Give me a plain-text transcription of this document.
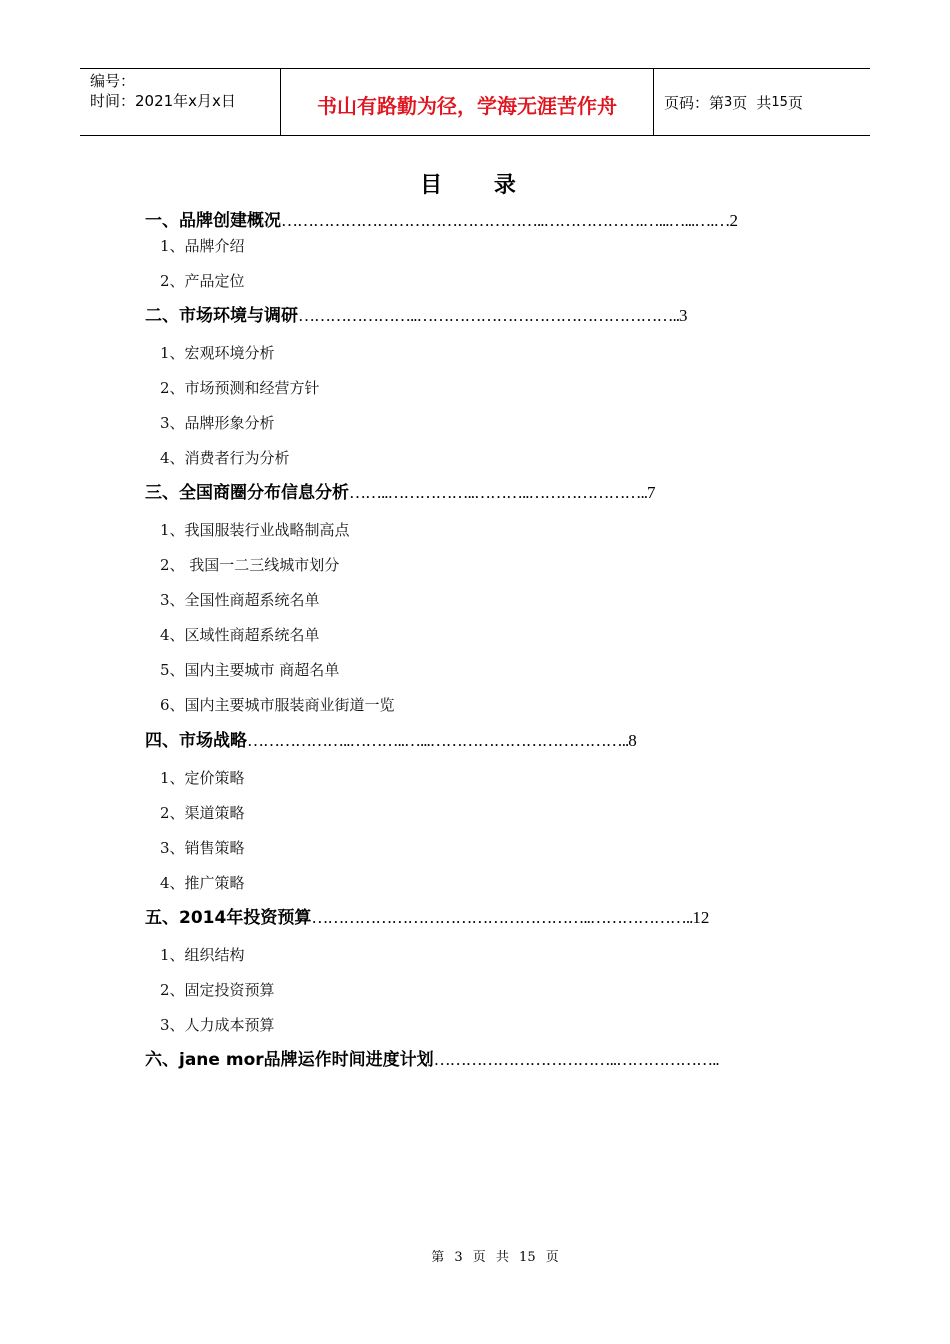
编号：
时间：2021年x月x日	书山有路勤为径，学海无涯苦作舟	页码：第 3 页 共 15 页
目 录
一、品牌创建概况…………………………………………..……………….…...…...….…2
1、品牌介绍
2、产品定位
二、市场环境与调研…………………..…………………………………………..3
1、宏观环境分析
2、市场预测和经营方针
3、品牌形象分析
4、消费者行为分析
三、全国商圈分布信息分析……..……………..………..…………………..7
1、我国服装行业战略制高点
2、 我国一二三线城市划分
3、全国性商超系统名单
4、区域性商超系统名单
5、国内主要城市 商超名单
6、国内主要城市服装商业街道一览
四、市场战略………………..………..…...………………………………..8
1、定价策略
2、渠道策略
3、销售策略
4、推广策略
五、2014年投资预算……………………………………………..………………..12
1、组织结构
2、固定投资预算
3、人力成本预算
六、jane mor品牌运作时间进度计划……………………………..………………..
第 3 页 共 15 页
